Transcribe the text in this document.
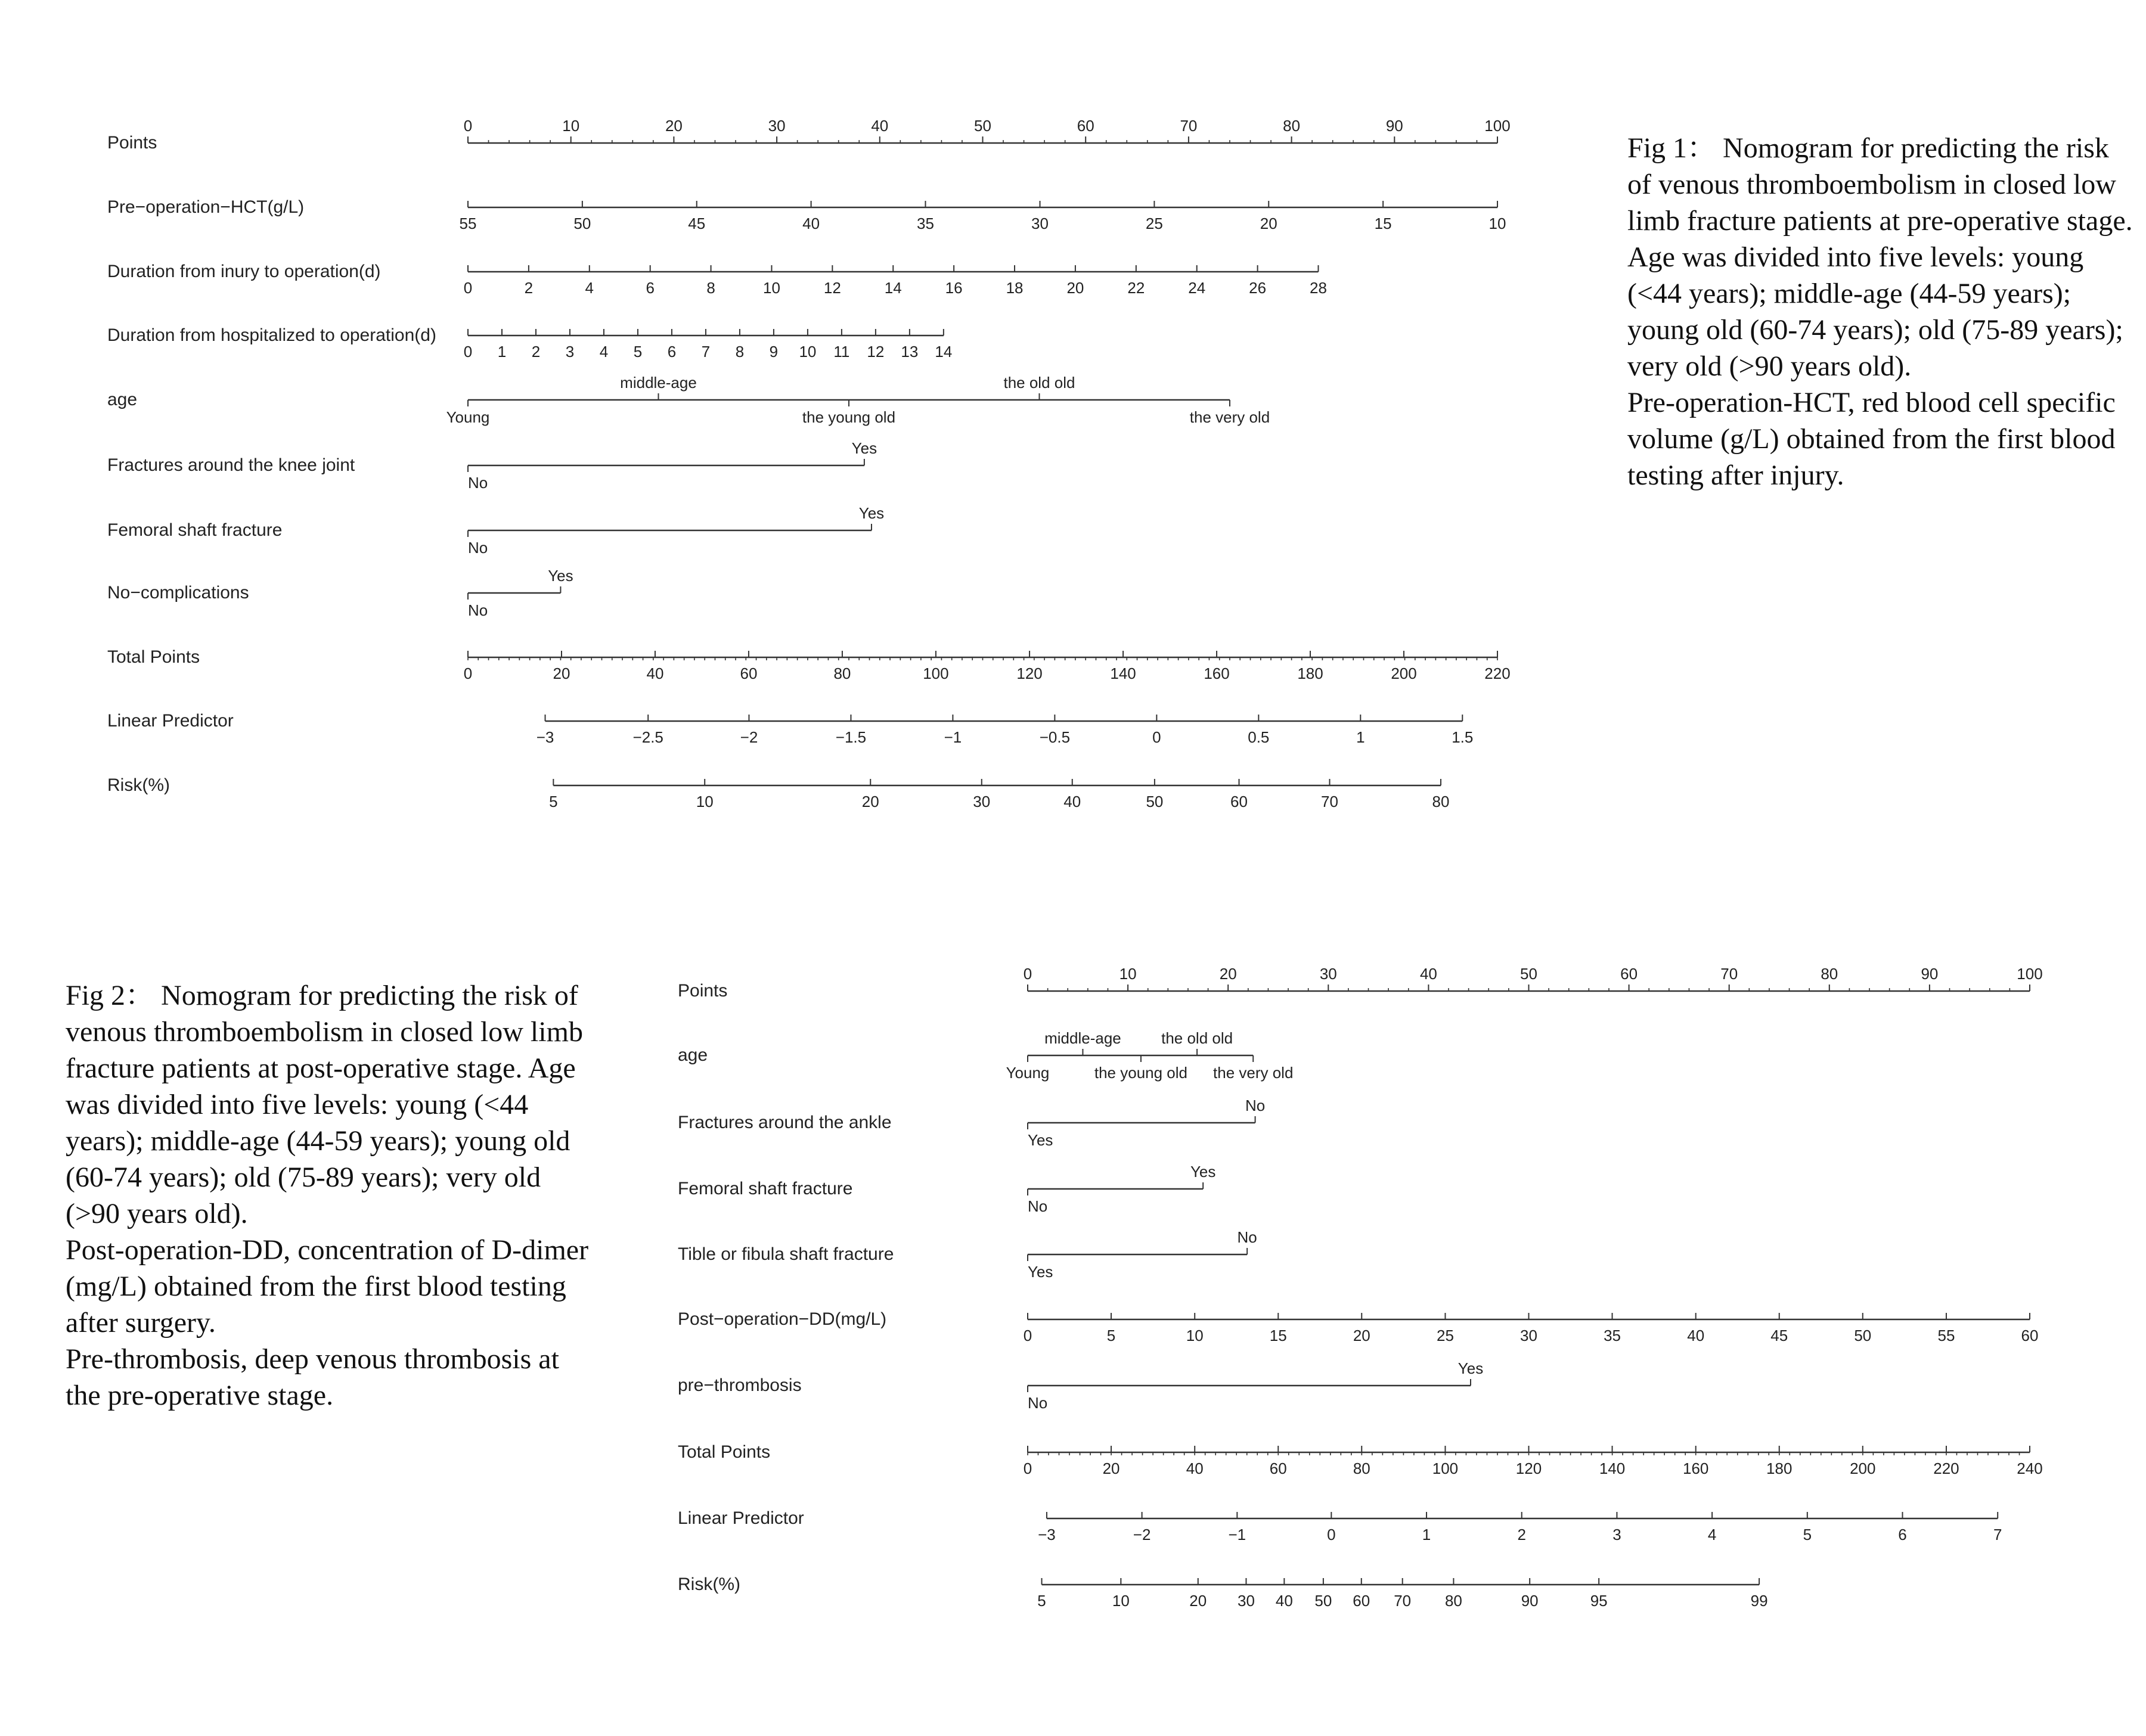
Points
0	10	20	30	40	50	60	70	80	90	100
Pre−operation−HCT(g/L)
55	50	45	40	35	30	25	20	15	10
Duration from inury to operation(d)
0	2	4	6	8	10	12	14	16	18	20	22	24	26	28
Duration from hospitalized to operation(d)
0 1 2 3 4 5 6 7 8 9 10 11 12 13 14
age
Young
middle-age
the young old
the old old
the very old
Fractures around the knee joint
No
Yes
Femoral shaft fracture
No
Yes
No−complications
No
Yes
Total Points
0	20	40	60	80	100	120	140	160	180	200	220
Linear Predictor
−3	−2.5	−2	−1.5	−1	−0.5	0	0.5	1	1.5
Risk(%)
5	10	20	30	40	50	60	70	80
Points
0	10	20	30	40	50	60	70	80	90	100
age
Young
middle-age
the young old
the old old
the very old
Fractures around the ankle
Yes
No
Femoral shaft fracture
No
Yes
Tible or fibula shaft fracture
Yes
No
Post−operation−DD(mg/L)
0	5	10	15	20	25	30	35	40	45	50	55	60
pre−thrombosis
No
Yes
Total Points
0	20	40	60	80	100	120	140	160	180	200	220	240
Linear Predictor
−3	−2	−1	0	1	2	3	4	5	6	7
Risk(%)
5	10	20 30 40 50 60 70 80	90	95	99

Fig 1： Nomogram for predicting the risk of venous thromboembolism in closed low limb fracture patients at pre-operative stage. Age was divided into five levels: young (<44 years); middle-age (44-59 years); young old (60-74 years); old (75-89 years); very old (>90 years old).

Pre-operation-HCT, red blood cell specific volume (g/L) obtained from the first blood testing after injury.

Fig 2： Nomogram for predicting the risk of venous thromboembolism in closed low limb fracture patients at post-operative stage. Age was divided into five levels: young (<44 years); middle-age (44-59 years); young old (60-74 years); old (75-89 years); very old (>90 years old).

Post-operation-DD, concentration of D-dimer (mg/L) obtained from the first blood testing after surgery.

Pre-thrombosis, deep venous thrombosis at the pre-operative stage.
